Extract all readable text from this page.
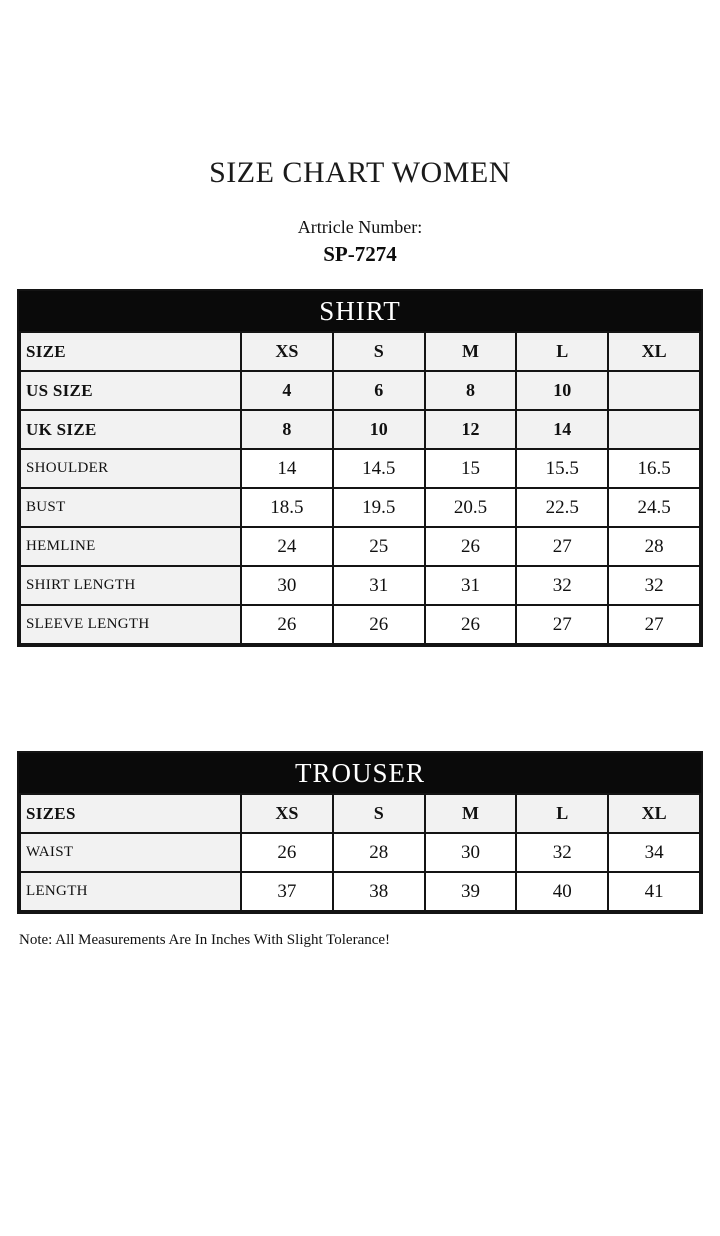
SIZE CHART WOMEN
Artricle Number:
SP-7274
SHIRT
SIZE	XS	S	M	L	XL
US SIZE	4	6	8	10	
UK SIZE	8	10	12	14	
SHOULDER	14	14.5	15	15.5	16.5
BUST	18.5	19.5	20.5	22.5	24.5
HEMLINE	24	25	26	27	28
SHIRT LENGTH	30	31	31	32	32
SLEEVE LENGTH	26	26	26	27	27
TROUSER
SIZES	XS	S	M	L	XL
WAIST	26	28	30	32	34
LENGTH	37	38	39	40	41
Note: All Measurements Are In Inches With Slight Tolerance!
